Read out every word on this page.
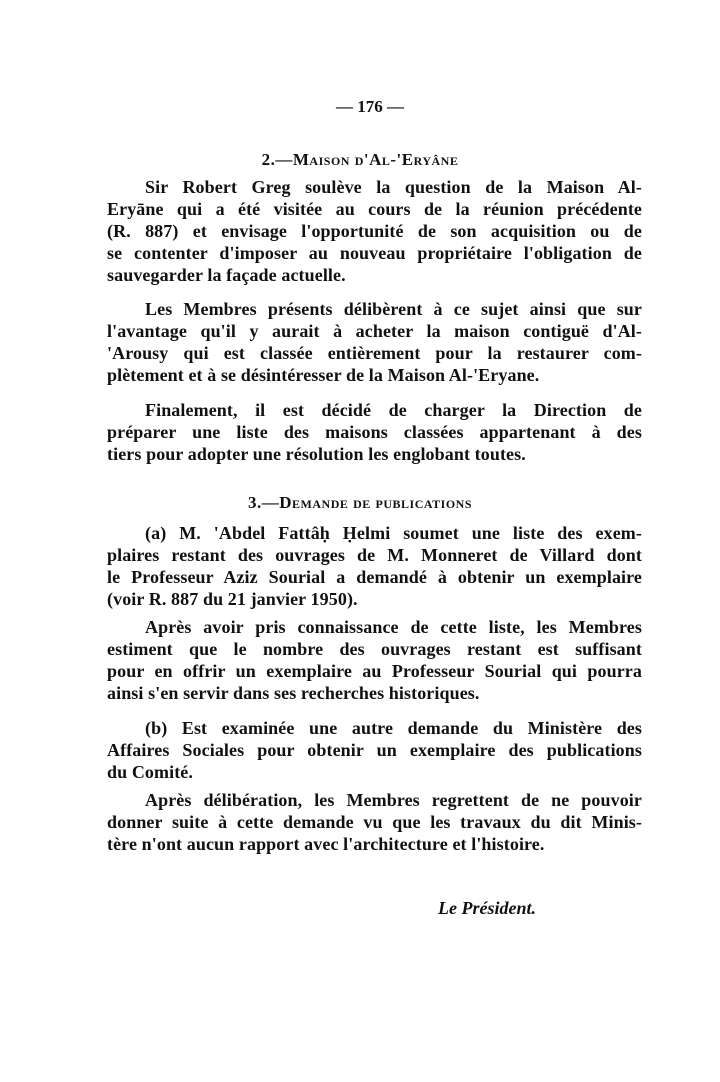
— 176 —
2.—Maison d'Al-'Eryâne
3.—Demande de publications
Sir Robert Greg soulève la question de la Maison Al-
Eryāne qui a été visitée au cours de la réunion précédente
(R. 887) et envisage l'opportunité de son acquisition ou de
se contenter d'imposer au nouveau propriétaire l'obligation de
sauvegarder la façade actuelle.
Les Membres présents délibèrent à ce sujet ainsi que sur
l'avantage qu'il y aurait à acheter la maison contiguë d'Al-
'Arousy qui est classée entièrement pour la restaurer com-
plètement et à se désintéresser de la Maison Al-'Eryane.
Finalement, il est décidé de charger la Direction de
préparer une liste des maisons classées appartenant à des
tiers pour adopter une résolution les englobant toutes.
(a) M. 'Abdel Fattâḥ Ḥelmi soumet une liste des exem-
plaires restant des ouvrages de M. Monneret de Villard dont
le Professeur Aziz Sourial a demandé à obtenir un exemplaire
(voir R. 887 du 21 janvier 1950).
Après avoir pris connaissance de cette liste, les Membres
estiment que le nombre des ouvrages restant est suffisant
pour en offrir un exemplaire au Professeur Sourial qui pourra
ainsi s'en servir dans ses recherches historiques.
(b) Est examinée une autre demande du Ministère des
Affaires Sociales pour obtenir un exemplaire des publications
du Comité.
Après délibération, les Membres regrettent de ne pouvoir
donner suite à cette demande vu que les travaux du dit Minis-
tère n'ont aucun rapport avec l'architecture et l'histoire.
Le Président.
